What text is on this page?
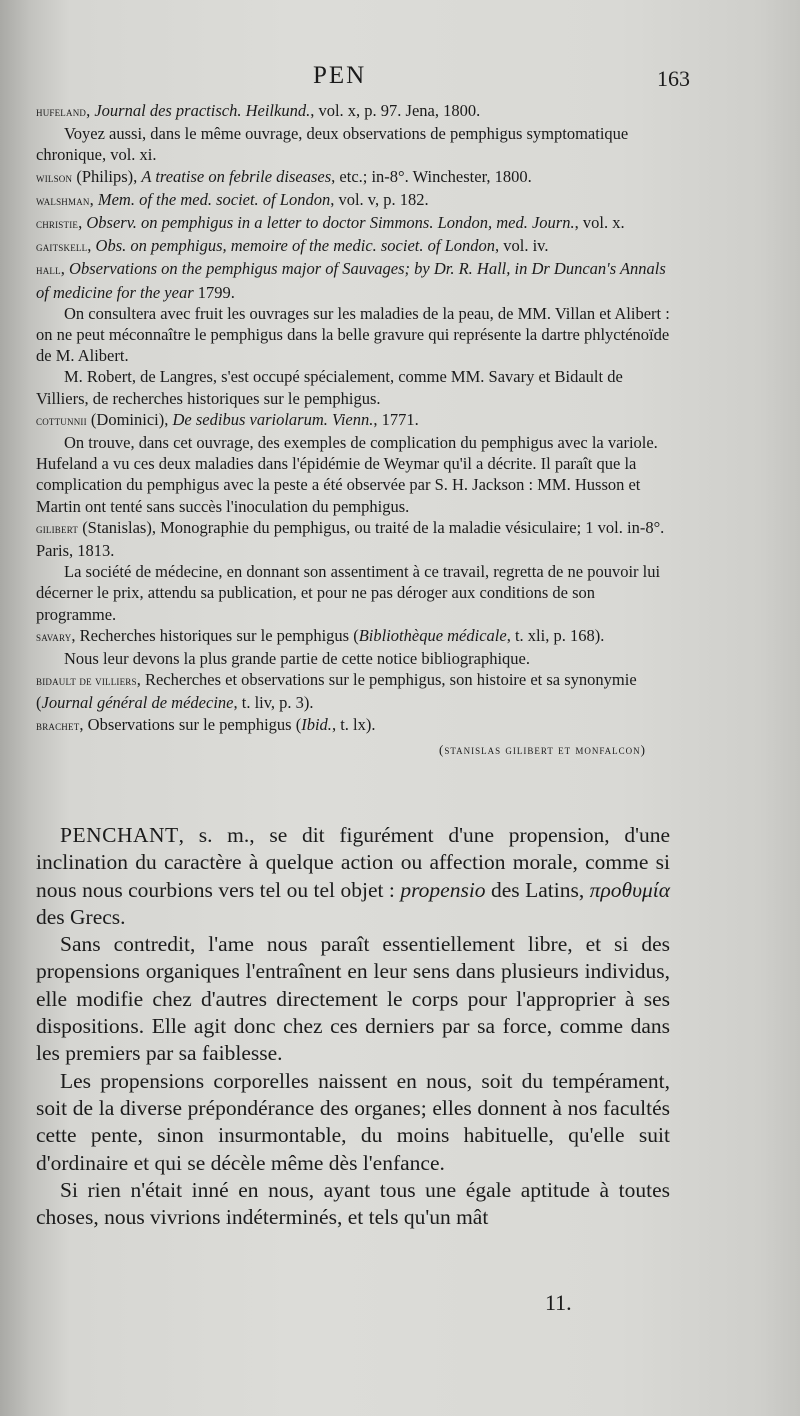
PEN	163

hufeland, Journal des practisch. Heilkund., vol. x, p. 97. Jena, 1800.

Voyez aussi, dans le même ouvrage, deux observations de pemphigus symptomatique chronique, vol. xi.

wilson (Philips), A treatise on febrile diseases, etc.; in-8°. Winchester, 1800.

walshman, Mem. of the med. societ. of London, vol. v, p. 182.

christie, Observ. on pemphigus in a letter to doctor Simmons. London, med. Journ., vol. x.

gaitskell, Obs. on pemphigus, memoire of the medic. societ. of London, vol. iv.

hall, Observations on the pemphigus major of Sauvages; by Dr. R. Hall, in Dr Duncan's Annals of medicine for the year 1799.

On consultera avec fruit les ouvrages sur les maladies de la peau, de MM. Villan et Alibert : on ne peut méconnaître le pemphigus dans la belle gravure qui représente la dartre phlycténoïde de M. Alibert.

M. Robert, de Langres, s'est occupé spécialement, comme MM. Savary et Bidault de Villiers, de recherches historiques sur le pemphigus.

cottunnii (Dominici), De sedibus variolarum. Vienn., 1771.

On trouve, dans cet ouvrage, des exemples de complication du pemphigus avec la variole. Hufeland a vu ces deux maladies dans l'épidémie de Weymar qu'il a décrite. Il paraît que la complication du pemphigus avec la peste a été observée par S. H. Jackson : MM. Husson et Martin ont tenté sans succès l'inoculation du pemphigus.

gilibert (Stanislas), Monographie du pemphigus, ou traité de la maladie vésiculaire; 1 vol. in-8°. Paris, 1813.

La société de médecine, en donnant son assentiment à ce travail, regretta de ne pouvoir lui décerner le prix, attendu sa publication, et pour ne pas déroger aux conditions de son programme.

savary, Recherches historiques sur le pemphigus (Bibliothèque médicale, t. xli, p. 168).

Nous leur devons la plus grande partie de cette notice bibliographique.

bidault de villiers, Recherches et observations sur le pemphigus, son histoire et sa synonymie (Journal général de médecine, t. liv, p. 3).

brachet, Observations sur le pemphigus (Ibid., t. lx).

(stanislas gilibert et monfalcon)

PENCHANT, s. m., se dit figurément d'une propension, d'une inclination du caractère à quelque action ou affection morale, comme si nous nous courbions vers tel ou tel objet : propensio des Latins, προθυμία des Grecs.

Sans contredit, l'ame nous paraît essentiellement libre, et si des propensions organiques l'entraînent en leur sens dans plusieurs individus, elle modifie chez d'autres directement le corps pour l'approprier à ses dispositions. Elle agit donc chez ces derniers par sa force, comme dans les premiers par sa faiblesse.

Les propensions corporelles naissent en nous, soit du tempérament, soit de la diverse prépondérance des organes; elles donnent à nos facultés cette pente, sinon insurmontable, du moins habituelle, qu'elle suit d'ordinaire et qui se décèle même dès l'enfance.

Si rien n'était inné en nous, ayant tous une égale aptitude à toutes choses, nous vivrions indéterminés, et tels qu'un mât

11.
